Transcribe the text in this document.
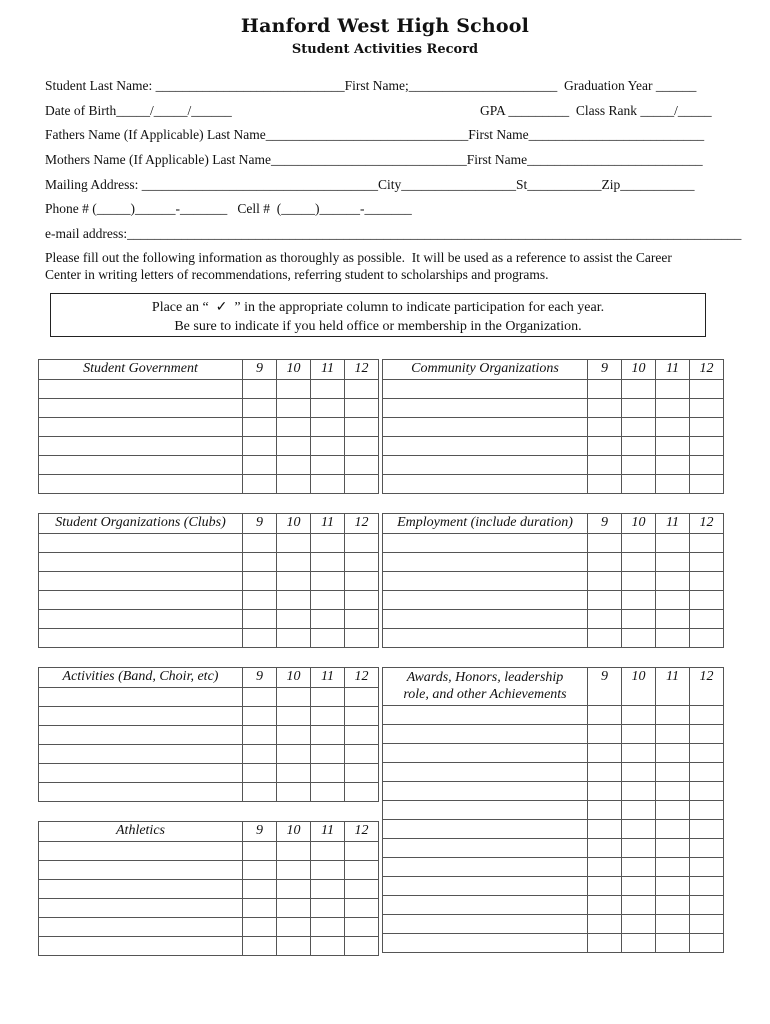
Hanford West High School
Student Activities Record
Student Last Name: ____________________________First Name;______________________  Graduation Year ______
Date of Birth_____/_____/______	GPA _________  Class Rank _____/_____
Fathers Name (If Applicable) Last Name______________________________First Name__________________________
Mothers Name (If Applicable) Last Name_____________________________First Name__________________________
Mailing Address: ___________________________________City_________________St___________Zip___________
Phone # (_____)______-_______   Cell #  (_____)______-_______
e-mail address:___________________________________________________________________________________________
Please fill out the following information as thoroughly as possible.  It will be used as a reference to assist the Career
Center in writing letters of recommendations, referring student to scholarships and programs.
Place an “  ✓  ” in the appropriate column to indicate participation for each year.
Be sure to indicate if you held office or membership in the Organization.
Student Government	9	10	11	12

					Community Organizations	9	10	11	12

Student Organizations (Clubs)	9	10	11	12

				Employment (include duration)	9	10	11	12

Activities (Band, Choir, etc)	9	10	11	12

					Awards, Honors, leadership
role, and other Achievements	9	10	11	12

Athletics	9	10	11	12
